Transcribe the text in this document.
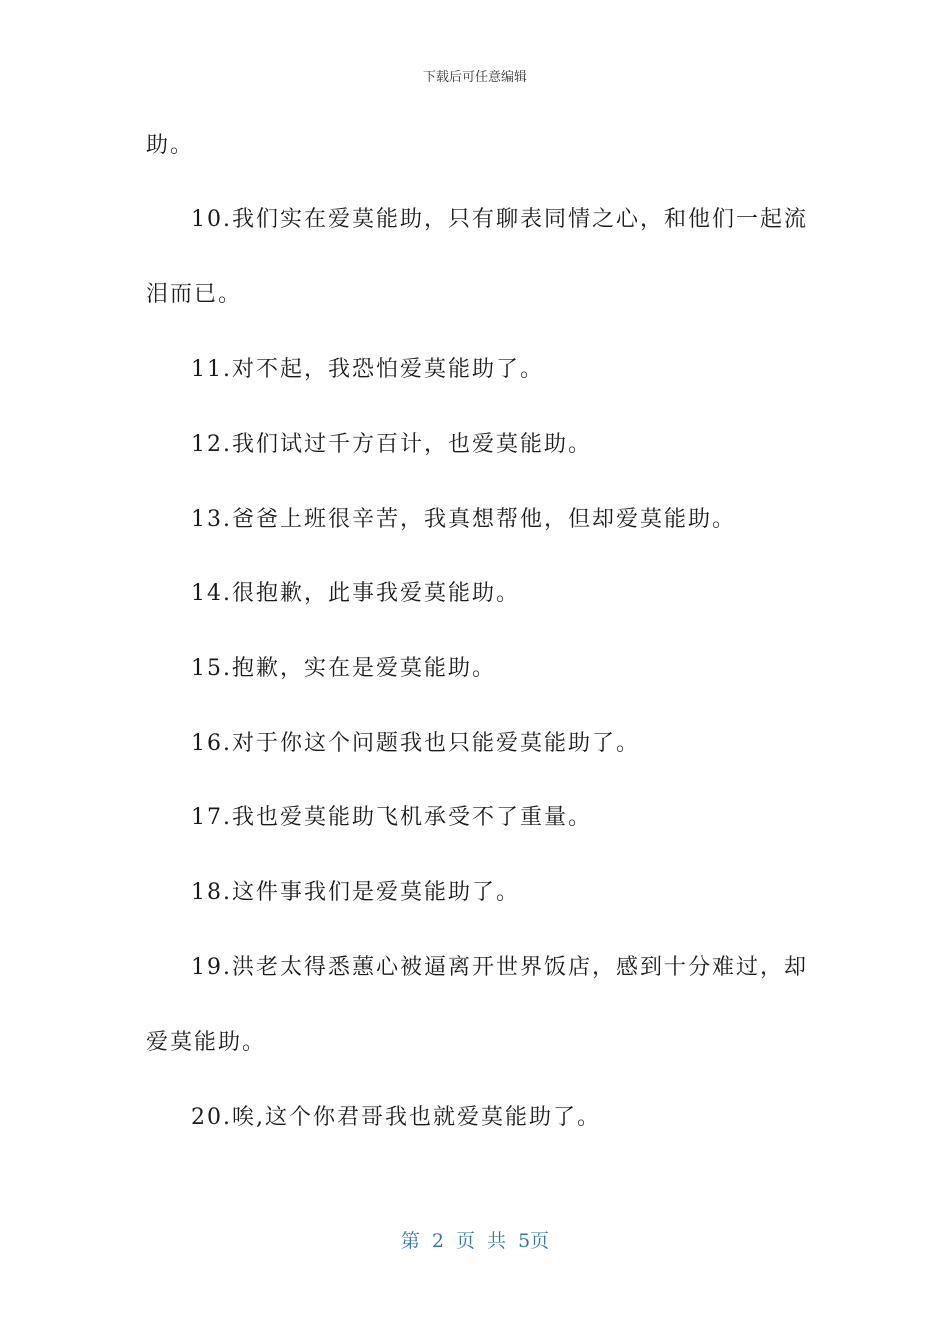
下载后可任意编辑
助。
10.我们实在爱莫能助，只有聊表同情之心，和他们一起流
泪而已。
11.对不起，我恐怕爱莫能助了。
12.我们试过千方百计，也爱莫能助。
13.爸爸上班很辛苦，我真想帮他，但却爱莫能助。
14.很抱歉，此事我爱莫能助。
15.抱歉，实在是爱莫能助。
16.对于你这个问题我也只能爱莫能助了。
17.我也爱莫能助飞机承受不了重量。
18.这件事我们是爱莫能助了。
19.洪老太得悉蕙心被逼离开世界饭店，感到十分难过，却
爱莫能助。
20.唉,这个你君哥我也就爱莫能助了。
第 2 页 共 5页
